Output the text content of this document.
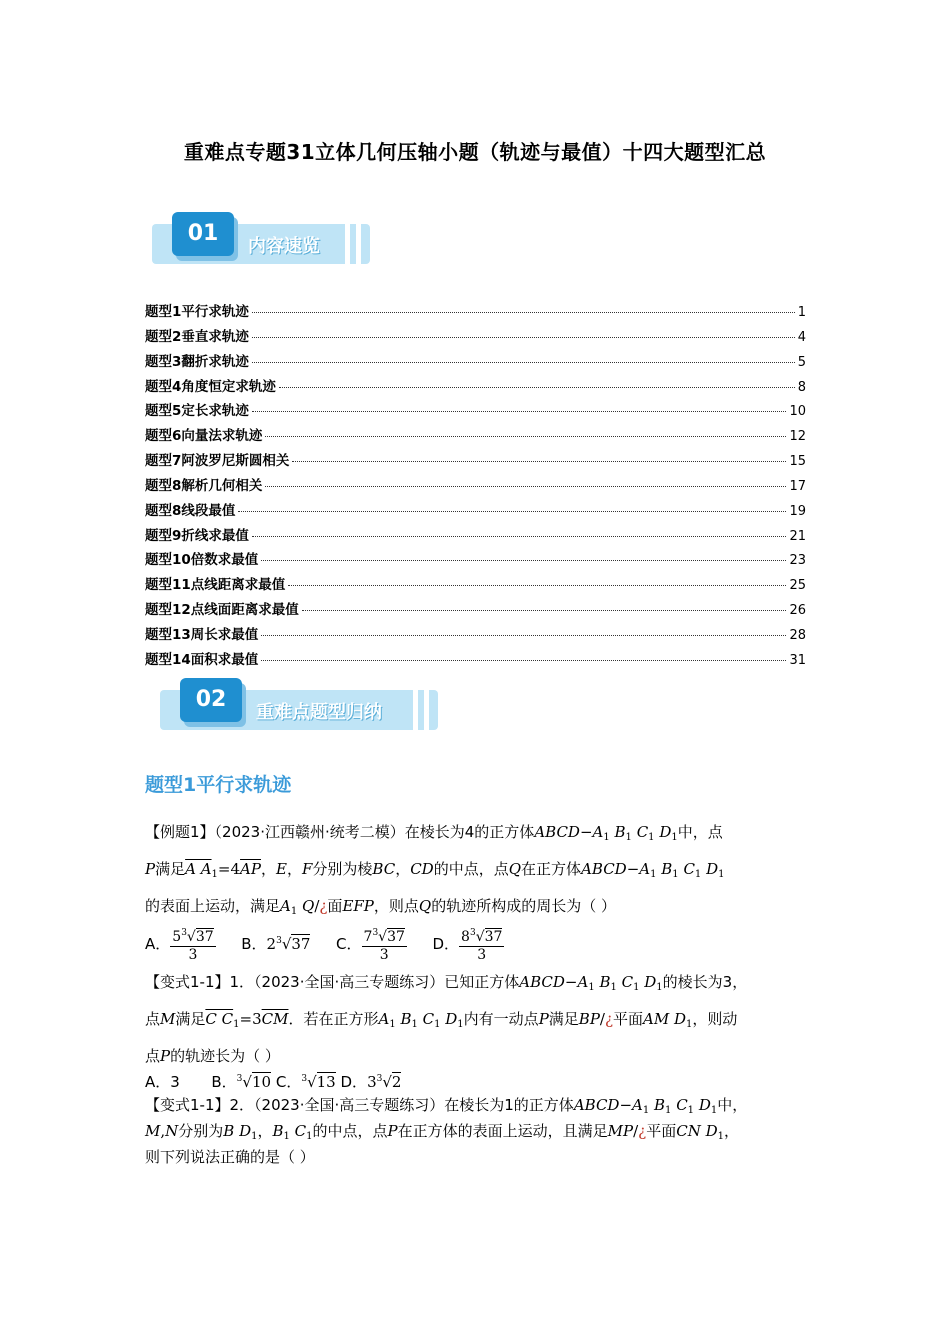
重难点专题31立体几何压轴小题（轨迹与最值）十四大题型汇总
01
内容速览
题型1平行求轨迹	1
题型2垂直求轨迹	4
题型3翻折求轨迹	5
题型4角度恒定求轨迹	8
题型5定长求轨迹	10
题型6向量法求轨迹	12
题型7阿波罗尼斯圆相关	15
题型8解析几何相关	17
题型8线段最值	19
题型9折线求最值	21
题型10倍数求最值	23
题型11点线距离求最值	25
题型12点线面距离求最值	26
题型13周长求最值	28
题型14面积求最值	31
02
重难点题型归纳
题型1平行求轨迹
【例题1】（2023·江西赣州·统考二模）在棱长为4的正方体$ABCD-A_1$ $B_1$ $C_1$ $D_1$中，点
P满足A $A_1=4\overline{AP}$，E，F分别为棱BC，CD的中点，点Q在正方体$ABCD-A_1$ $B_1$ $C_1$ $D_1$
的表面上运动，满足$A_1$ Q/¿面EFP，则点Q的轨迹所构成的周长为（ ）
A． $\frac{5^3√37}{3}$ B．$2^3√37$ C． $\frac{7^3√37}{3}$ D． $\frac{8^3√37}{3}$
【变式1-1】1．（2023·全国·高三专题练习）已知正方体$ABCD-A_1$ $B_1$ $C_1$ $D_1$的棱长为3，
点M满足C $C_1=3\overline{CM}$．若在正方形$A_1$ $B_1$ $C_1$ $D_1$内有一动点P满足BP/¿平面AM $D_1$，则动
点P的轨迹长为（ ）
A．3 B．$^3$√10 C．$^3$√13 D．$3^3√2$
【变式1-1】2．（2023·全国·高三专题练习）在棱长为1的正方体$ABCD-A_1$ $B_1$ $C_1$ $D_1$中，
M,N分别为B $D_1$，$B_1$ $C_1$的中点，点P在正方体的表面上运动，且满足MP/¿平面CN $D_1$，
则下列说法正确的是（ ）
